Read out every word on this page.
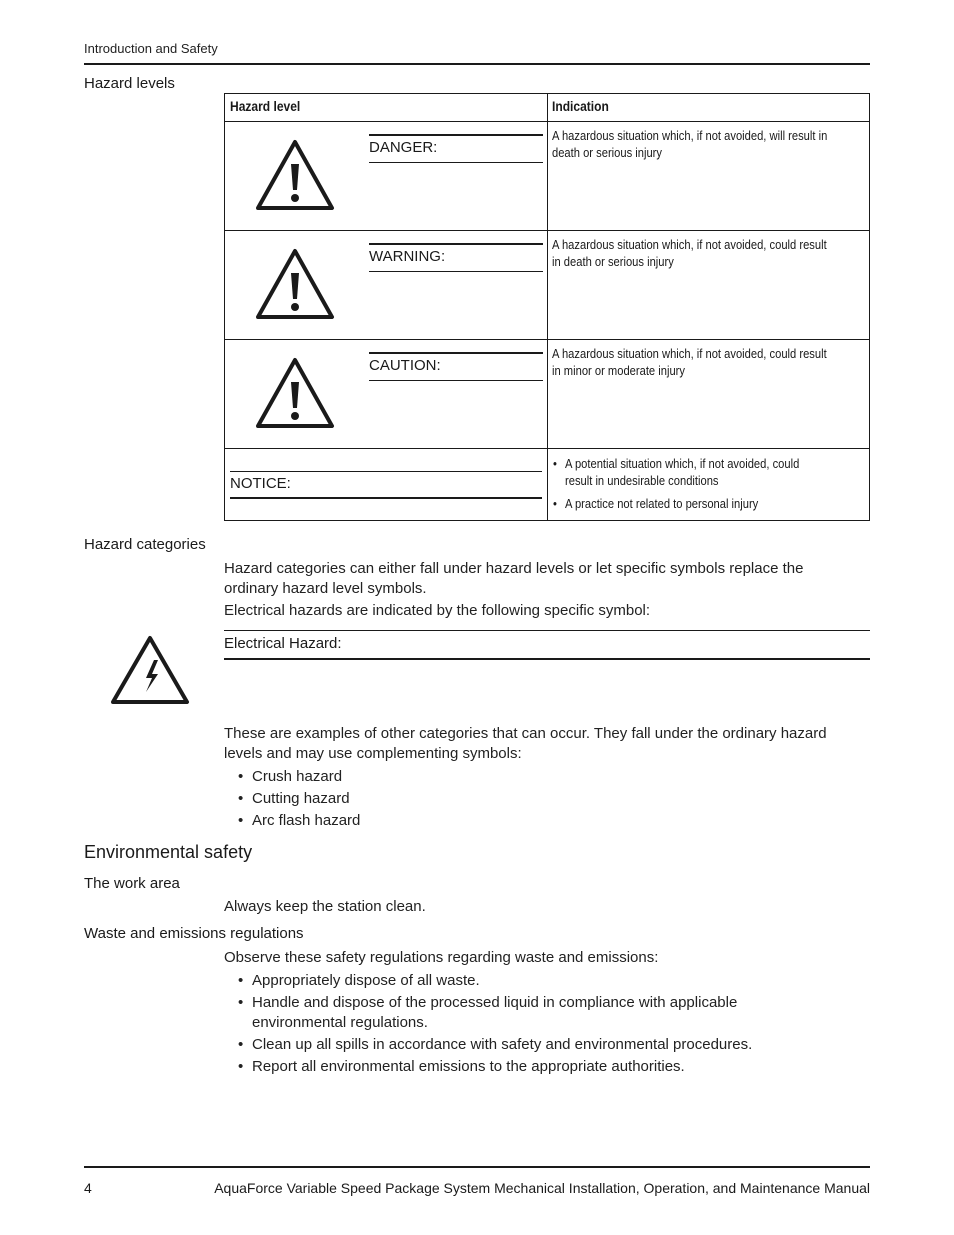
Introduction and Safety
Hazard levels
Hazard level	Indication
DANGER:
A hazardous situation which, if not avoided, will result in
death or serious injury
WARNING:
A hazardous situation which, if not avoided, could result
in death or serious injury
CAUTION:
A hazardous situation which, if not avoided, could result
in minor or moderate injury
NOTICE:
• A potential situation which, if not avoided, could
result in undesirable conditions
• A practice not related to personal injury
Hazard categories
Hazard categories can either fall under hazard levels or let specific symbols replace the
ordinary hazard level symbols.
Electrical hazards are indicated by the following specific symbol:
Electrical Hazard:
These are examples of other categories that can occur. They fall under the ordinary hazard
levels and may use complementing symbols:
• Crush hazard
• Cutting hazard
• Arc flash hazard
Environmental safety
The work area
Always keep the station clean.
Waste and emissions regulations
Observe these safety regulations regarding waste and emissions:
• Appropriately dispose of all waste.
• Handle and dispose of the processed liquid in compliance with applicable
environmental regulations.
• Clean up all spills in accordance with safety and environmental procedures.
• Report all environmental emissions to the appropriate authorities.
4	AquaForce Variable Speed Package System Mechanical Installation, Operation, and Maintenance Manual
